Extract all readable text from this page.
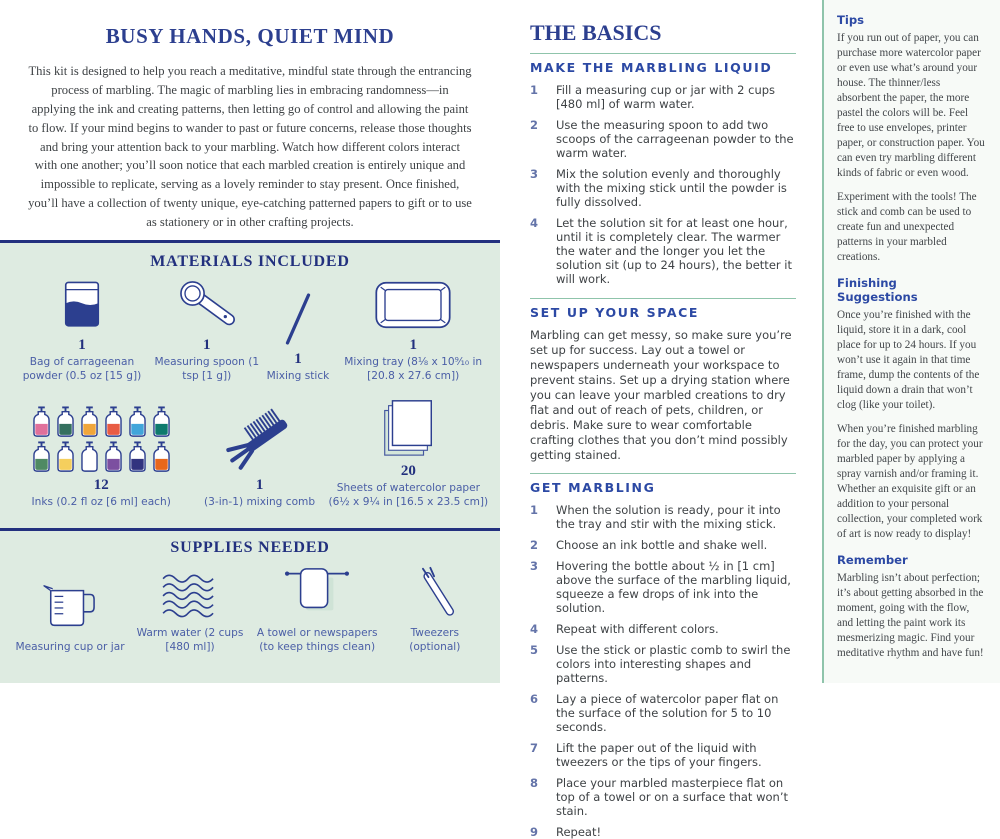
BUSY HANDS, QUIET MIND

This kit is designed to help you reach a meditative, mindful state through the entrancing process of marbling. The magic of marbling lies in embracing randomness—in applying the ink and creating patterns, then letting go of control and allowing the paint to flow. If your mind begins to wander to past or future concerns, release those thoughts and bring your attention back to your marbling. Watch how different colors interact with one another; you’ll soon notice that each marbled creation is entirely unique and impossible to replicate, serving as a lovely reminder to stay present. Once finished, you’ll have a collection of twenty unique, eye-catching patterned papers to gift or to use as stationery or in other crafting projects.

MATERIALS INCLUDED
1
Bag of carrageenan powder (0.5 oz [15 g])
1
Measuring spoon (1 tsp [1 g])
1
Mixing stick
1
Mixing tray (8⅛ x 10⁹⁄₁₀ in [20.8 x 27.6 cm])
12
Inks (0.2 fl oz [6 ml] each)
1
(3-in-1) mixing comb
20
Sheets of watercolor paper (6½ x 9¼ in [16.5 x 23.5 cm])
SUPPLIES NEEDED
Measuring cup or jar
Warm water (2 cups [480 ml])
A towel or newspapers (to keep things clean)
Tweezers (optional)
THE BASICS
MAKE THE MARBLING LIQUID
1	Fill a measuring cup or jar with 2 cups [480 ml] of warm water.
2	Use the measuring spoon to add two scoops of the carrageenan powder to the warm water.
3	Mix the solution evenly and thoroughly with the mixing stick until the powder is fully dissolved.
4	Let the solution sit for at least one hour, until it is completely clear. The warmer the water and the longer you let the solution sit (up to 24 hours), the better it will work.
SET UP YOUR SPACE

Marbling can get messy, so make sure you’re set up for success. Lay out a towel or newspapers underneath your workspace to prevent stains. Set up a drying station where you can leave your marbled creations to dry flat and out of reach of pets, children, or debris. Make sure to wear comfortable crafting clothes that you don’t mind possibly getting stained.

GET MARBLING
1	When the solution is ready, pour it into the tray and stir with the mixing stick.
2	Choose an ink bottle and shake well.
3	Hovering the bottle about ½ in [1 cm] above the surface of the marbling liquid, squeeze a few drops of ink into the solution.
4	Repeat with different colors.
5	Use the stick or plastic comb to swirl the colors into interesting shapes and patterns.
6	Lay a piece of watercolor paper flat on the surface of the solution for 5 to 10 seconds.
7	Lift the paper out of the liquid with tweezers or the tips of your fingers.
8	Place your marbled masterpiece flat on top of a towel or on a surface that won’t stain.
9	Repeat!
Tips

If you run out of paper, you can purchase more watercolor paper or even use what’s around your house. The thinner/less absorbent the paper, the more pastel the colors will be. Feel free to use envelopes, printer paper, or construction paper. You can even try marbling different kinds of fabric or even wood.

Experiment with the tools! The stick and comb can be used to create fun and unexpected patterns in your marbled creations.

Finishing Suggestions

Once you’re finished with the liquid, store it in a dark, cool place for up to 24 hours. If you won’t use it again in that time frame, dump the contents of the liquid down a drain that won’t clog (like your toilet).

When you’re finished marbling for the day, you can protect your marbled paper by applying a spray varnish and/or framing it. Whether an exquisite gift or an addition to your personal collection, your completed work of art is now ready to display!

Remember

Marbling isn’t about perfection; it’s about getting absorbed in the moment, going with the flow, and letting the paint work its mesmerizing magic. Find your meditative rhythm and have fun!
